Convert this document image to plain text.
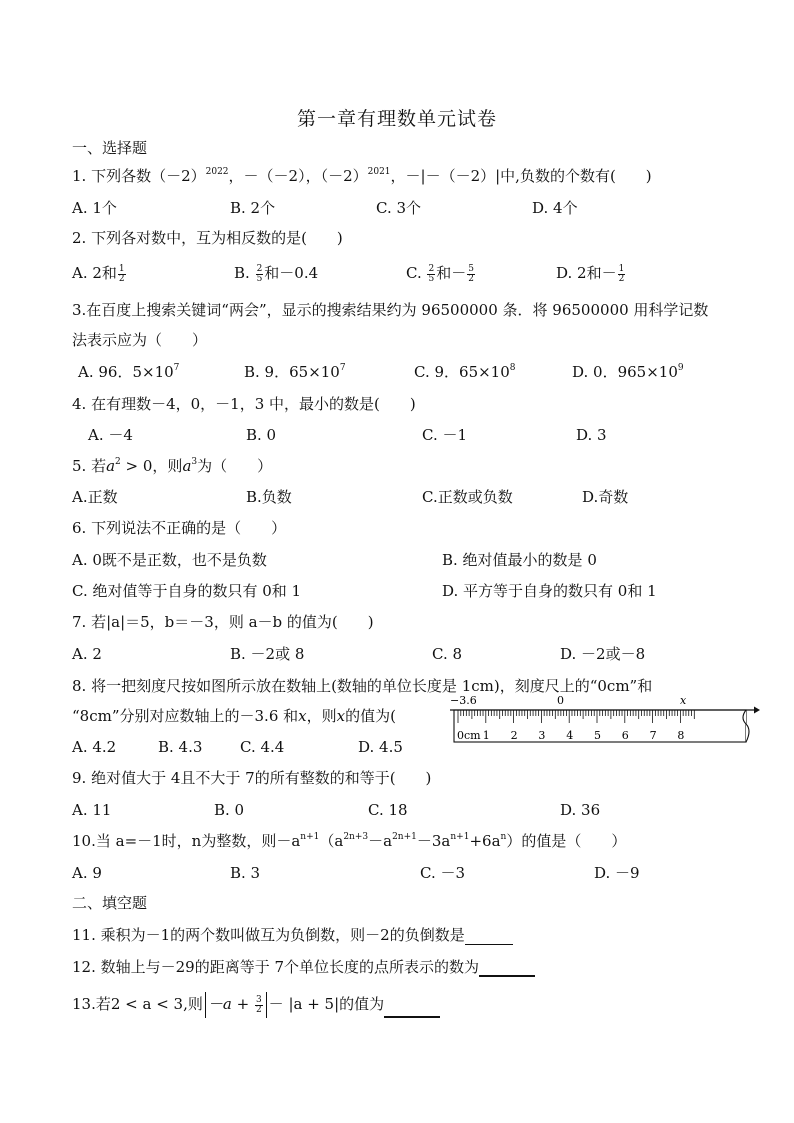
第一章有理数单元试卷
一、选择题
1. 下列各数$(-2)^{2022}$，－（－2），$(-2)^{2021}$，－|－（－2）|中,负数的个数有(　　)
A. 1个	B. 2个	C. 3个	D. 4个
2. 下列各对数中，互为相反数的是(　　)
A. 2和 $\frac{1}{2}$	B. $\frac{2}{5}$ 和－0.4	C. $\frac{2}{5}$ 和－ $\frac{5}{2}$	D. 2和－ $\frac{1}{2}$
3.在百度上搜索关键词“两会”，显示的搜索结果约为 96500000 条．将 96500000 用科学记数
法表示应为（　　）
A. 96．$5\times 10^7$	B. 9．$65\times 10^7$	C. 9．$65\times 10^8$	D. 0．$965\times 10^9$
4. 在有理数－4，0，－1，3 中，最小的数是(　　)
A. －4	B. 0	C. －1	D. 3
5. 若$a^2 > 0$，则$a^3$为（　　）
A.正数	B.负数	C.正数或负数	D.奇数
6. 下列说法不正确的是（　　）
A. 0既不是正数，也不是负数	B. 绝对值最小的数是 0
C. 绝对值等于自身的数只有 0和 1	D. 平方等于自身的数只有 0和 1
7. 若|a|＝5，b＝－3，则 a－b 的值为(　　)
A. 2	B. －2或 8	C. 8	D. －2或－8
8. 将一把刻度尺按如图所示放在数轴上(数轴的单位长度是 1cm)，刻度尺上的“0cm”和
“8cm”分别对应数轴上的－3.6 和x，则x的值为(
A. 4.2	B. 4.3	C. 4.4	D. 4.5
0cm 1 2 3 4 5 6 7 8
−3.6	0	x
9. 绝对值大于 4且不大于 7的所有整数的和等于(　　)
A. 11	B. 0	C. 18	D. 36
10.当 a=－1时，n为整数，则$-a^{n+1}(a^{2n+3}-a^{2n+1}-3a^{n+1}+6a^n)$的值是（　　）
A. 9	B. 3	C. －3	D. －9
二、填空题
11. 乘积为－1的两个数叫做互为负倒数，则－2的负倒数是
12. 数轴上与－29的距离等于 7个单位长度的点所表示的数为
13.若2 < a < 3,则 $-a + \frac{3}{2} - |a + 5|$的值为
